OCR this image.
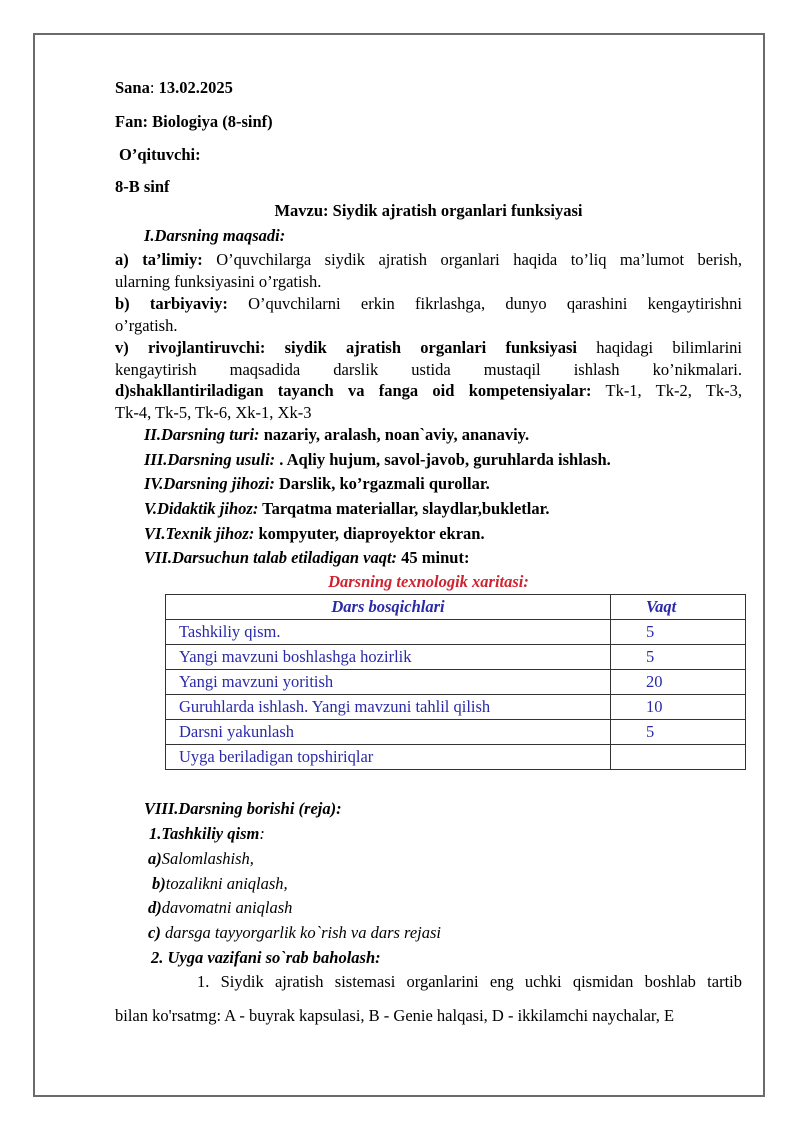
Sana: 13.02.2025
Fan: Biologiya (8-sinf)
O’qituvchi:
8-B sinf
Mavzu: Siydik ajratish organlari funksiyasi
I.Darsning maqsadi:
a) ta’limiy: O’quvchilarga siydik ajratish organlari haqida to’liq ma’lumot berish,
ularning funksiyasini o’rgatish.
b) tarbiyaviy: O’quvchilarni erkin fikrlashga, dunyo qarashini kengaytirishni
o’rgatish.
v) rivojlantiruvchi: siydik ajratish organlari funksiyasi haqidagi bilimlarini
kengaytirish maqsadida darslik ustida mustaqil ishlash ko’nikmalari.
d)shakllantiriladigan tayanch va fanga oid kompetensiyalar: Tk-1, Tk-2, Tk-3,
Tk-4, Tk-5, Tk-6, Xk-1, Xk-3
II.Darsning turi: nazariy, aralash, noan`aviy, ananaviy.
III.Darsning usuli: . Aqliy hujum, savol-javob, guruhlarda ishlash.
IV.Darsning jihozi: Darslik, ko’rgazmali qurollar.
V.Didaktik jihoz: Tarqatma materiallar, slaydlar,bukletlar.
VI.Texnik jihoz: kompyuter, diaproyektor ekran.
VII.Darsuchun talab etiladigan vaqt: 45 minut:
Darsning texnologik xaritasi:
Dars bosqichlari	Vaqt
Tashkiliy qism.	5
Yangi mavzuni boshlashga hozirlik	5
Yangi mavzuni yoritish	20
Guruhlarda ishlash. Yangi mavzuni tahlil qilish	10
Darsni yakunlash	5
Uyga beriladigan topshiriqlar	
VIII.Darsning borishi (reja):
1.Tashkiliy qism:
a)Salomlashish,
b)tozalikni aniqlash,
d)davomatni aniqlash
c) darsga tayyorgarlik ko`rish va dars rejasi
2. Uyga vazifani so`rab baholash:
1. Siydik ajratish sistemasi organlarini eng uchki qismidan boshlab tartib
bilan ko'rsatmg: A - buyrak kapsulasi, B - Genie halqasi, D - ikkilamchi naychalar, E
